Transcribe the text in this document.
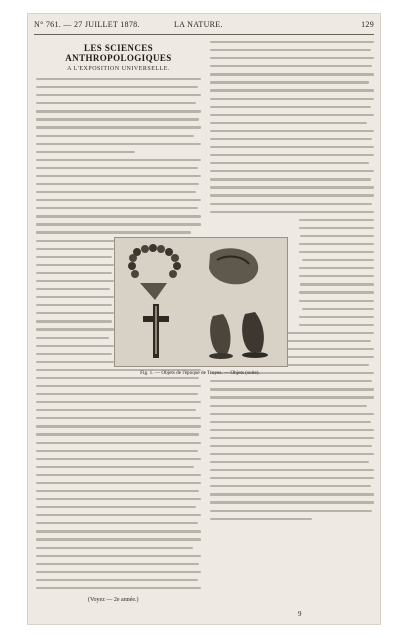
N° 761. — 27 JUILLET 1878.	LA NATURE.	129
LES SCIENCES ANTHROPOLOGIQUES
A L'EXPOSITION UNIVERSELLE.
Fig. 1. — Objets de l'époque de Troyes. — Objets (suite).
(Voyez — 2e année.)
9
